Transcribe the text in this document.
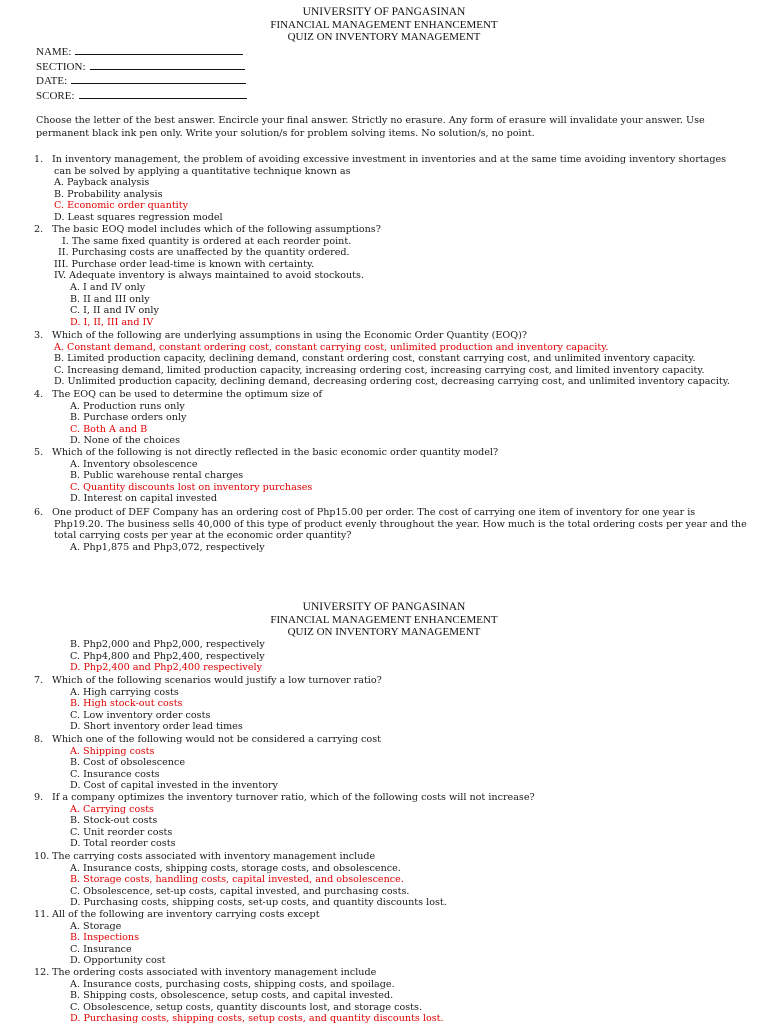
UNIVERSITY OF PANGASINAN
FINANCIAL MANAGEMENT ENHANCEMENT
QUIZ ON INVENTORY MANAGEMENT
NAME:
SECTION:
DATE:
SCORE:
Choose the letter of the best answer. Encircle your final answer. Strictly no erasure. Any form of erasure will invalidate your answer. Use permanent black ink pen only. Write your solution/s for problem solving items. No solution/s, no point.
1. In inventory management, the problem of avoiding excessive investment in inventories and at the same time avoiding inventory shortages
can be solved by applying a quantitative technique known as
A. Payback analysis
B. Probability analysis
C. Economic order quantity
D. Least squares regression model
2. The basic EOQ model includes which of the following assumptions?
I. The same fixed quantity is ordered at each reorder point.
II. Purchasing costs are unaffected by the quantity ordered.
III. Purchase order lead-time is known with certainty.
IV. Adequate inventory is always maintained to avoid stockouts.
A. I and IV only
B. II and III only
C. I, II and IV only
D. I, II, III and IV
3. Which of the following are underlying assumptions in using the Economic Order Quantity (EOQ)?
A. Constant demand, constant ordering cost, constant carrying cost, unlimited production and inventory capacity.
B. Limited production capacity, declining demand, constant ordering cost, constant carrying cost, and unlimited inventory capacity.
C. Increasing demand, limited production capacity, increasing ordering cost, increasing carrying cost, and limited inventory capacity.
D. Unlimited production capacity, declining demand, decreasing ordering cost, decreasing carrying cost, and unlimited inventory capacity.
4. The EOQ can be used to determine the optimum size of
A. Production runs only
B. Purchase orders only
C. Both A and B
D. None of the choices
5. Which of the following is not directly reflected in the basic economic order quantity model?
A. Inventory obsolescence
B. Public warehouse rental charges
C. Quantity discounts lost on inventory purchases
D. Interest on capital invested
6. One product of DEF Company has an ordering cost of Php15.00 per order. The cost of carrying one item of inventory for one year is
Php19.20. The business sells 40,000 of this type of product evenly throughout the year. How much is the total ordering costs per year and the
total carrying costs per year at the economic order quantity?
A. Php1,875 and Php3,072, respectively
UNIVERSITY OF PANGASINAN
FINANCIAL MANAGEMENT ENHANCEMENT
QUIZ ON INVENTORY MANAGEMENT
B. Php2,000 and Php2,000, respectively
C. Php4,800 and Php2,400, respectively
D. Php2,400 and Php2,400 respectively
7. Which of the following scenarios would justify a low turnover ratio?
A. High carrying costs
B. High stock-out costs
C. Low inventory order costs
D. Short inventory order lead times
8. Which one of the following would not be considered a carrying cost
A. Shipping costs
B. Cost of obsolescence
C. Insurance costs
D. Cost of capital invested in the inventory
9. If a company optimizes the inventory turnover ratio, which of the following costs will not increase?
A. Carrying costs
B. Stock-out costs
C. Unit reorder costs
D. Total reorder costs
10. The carrying costs associated with inventory management include
A. Insurance costs, shipping costs, storage costs, and obsolescence.
B. Storage costs, handling costs, capital invested, and obsolescence.
C. Obsolescence, set-up costs, capital invested, and purchasing costs.
D. Purchasing costs, shipping costs, set-up costs, and quantity discounts lost.
11. All of the following are inventory carrying costs except
A. Storage
B. Inspections
C. Insurance
D. Opportunity cost
12. The ordering costs associated with inventory management include
A. Insurance costs, purchasing costs, shipping costs, and spoilage.
B. Shipping costs, obsolescence, setup costs, and capital invested.
C. Obsolescence, setup costs, quantity discounts lost, and storage costs.
D. Purchasing costs, shipping costs, setup costs, and quantity discounts lost.
